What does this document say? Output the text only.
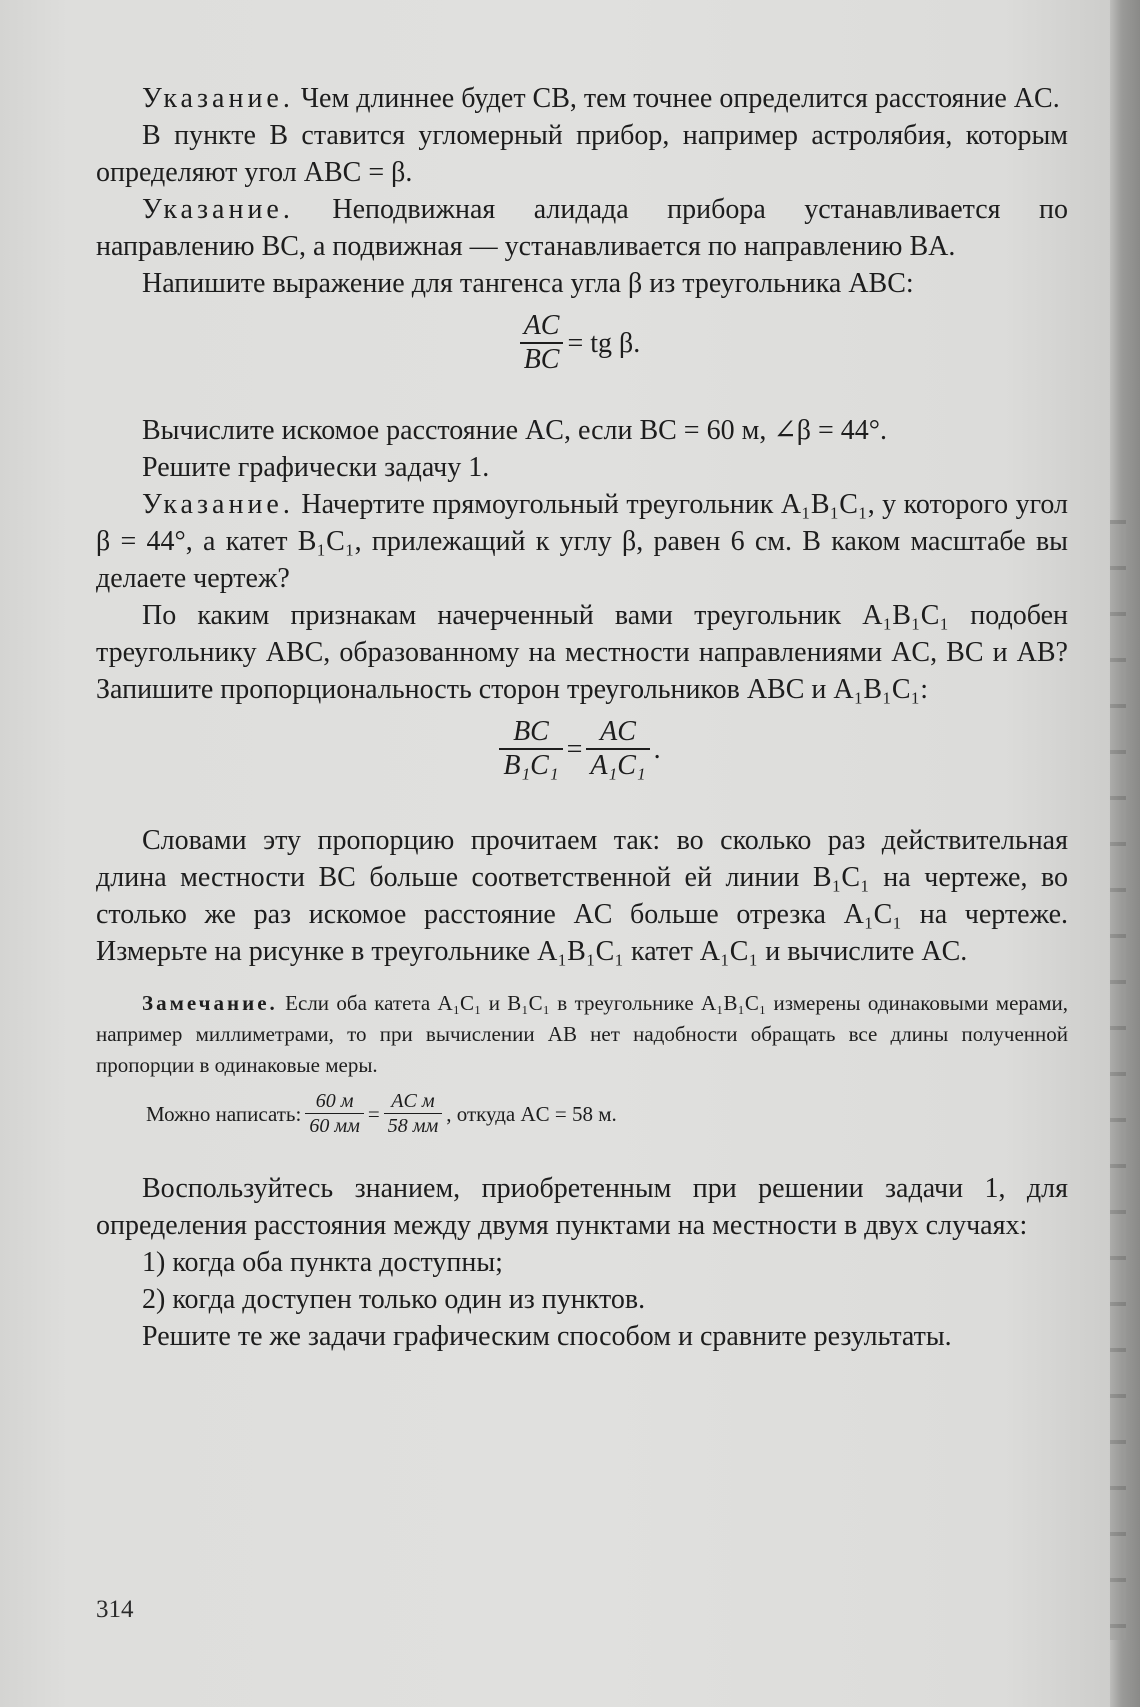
Указание. Чем длиннее будет CB, тем точнее определится расстояние AC.

В пункте B ставится угломерный прибор, например астролябия, которым определяют угол ABC = β.

Указание. Неподвижная алидада прибора устанавливается по направлению BC, а подвижная — устанавливается по направлению BA.

Напишите выражение для тангенса угла β из треугольника ABC:

$\frac{AC}{BC}$ = tg β.

Вычислите искомое расстояние AC, если BC = 60 м, ∠β = 44°.

Решите графически задачу 1.

Указание. Начертите прямоугольный треугольник A₁B₁C₁, у которого угол β = 44°, а катет B₁C₁, прилежащий к углу β, равен 6 см. В каком масштабе вы делаете чертеж?

По каким признакам начерченный вами треугольник A₁B₁C₁ подобен треугольнику ABC, образованному на местности направлениями AC, BC и AB? Запишите пропорциональность сторон треугольников ABC и A₁B₁C₁:

$\frac{BC}{\text{B₁C₁}} = \frac{AC}{\text{A₁C₁}}$ .

Словами эту пропорцию прочитаем так: во сколько раз действительная длина местности BC больше соответственной ей линии B₁C₁ на чертеже, во столько же раз искомое расстояние AC больше отрезка A₁C₁ на чертеже. Измерьте на рисунке в треугольнике A₁B₁C₁ катет A₁C₁ и вычислите AC.

Замечание. Если оба катета A₁C₁ и B₁C₁ в треугольнике A₁B₁C₁ измерены одинаковыми мерами, например миллиметрами, то при вычислении AB нет надобности обращать все длины полученной пропорции в одинаковые меры.

Можно написать: $\frac{60 м}{60 мм} = \frac{\text{AC м}}{58 мм}$ , откуда AC = 58 м.

Воспользуйтесь знанием, приобретенным при решении задачи 1, для определения расстояния между двумя пунктами на местности в двух случаях:

1) когда оба пункта доступны;

2) когда доступен только один из пунктов.

Решите те же задачи графическим способом и сравните результаты.

314
